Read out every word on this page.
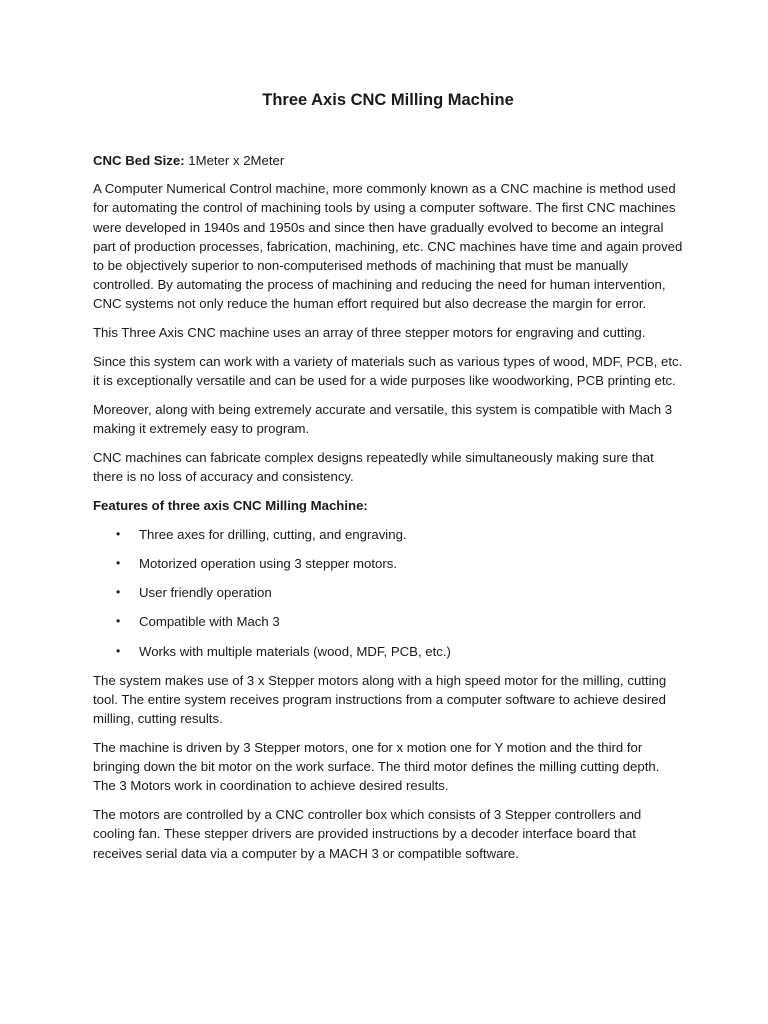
Three Axis CNC Milling Machine

CNC Bed Size: 1Meter x 2Meter

A Computer Numerical Control machine, more commonly known as a CNC machine is method used for automating the control of machining tools by using a computer software. The first CNC machines were developed in 1940s and 1950s and since then have gradually evolved to become an integral part of production processes, fabrication, machining, etc. CNC machines have time and again proved to be objectively superior to non-computerised methods of machining that must be manually controlled. By automating the process of machining and reducing the need for human intervention, CNC systems not only reduce the human effort required but also decrease the margin for error.

This Three Axis CNC machine uses an array of three stepper motors for engraving and cutting.

Since this system can work with a variety of materials such as various types of wood, MDF, PCB, etc. it is exceptionally versatile and can be used for a wide purposes like woodworking, PCB printing etc.

Moreover, along with being extremely accurate and versatile, this system is compatible with Mach 3 making it extremely easy to program.

CNC machines can fabricate complex designs repeatedly while simultaneously making sure that there is no loss of accuracy and consistency.

Features of three axis CNC Milling Machine:

• Three axes for drilling, cutting, and engraving.
• Motorized operation using 3 stepper motors.
• User friendly operation
• Compatible with Mach 3
• Works with multiple materials (wood, MDF, PCB, etc.)

The system makes use of 3 x Stepper motors along with a high speed motor for the milling, cutting tool. The entire system receives program instructions from a computer software to achieve desired milling, cutting results.

The machine is driven by 3 Stepper motors, one for x motion one for Y motion and the third for bringing down the bit motor on the work surface. The third motor defines the milling cutting depth. The 3 Motors work in coordination to achieve desired results.

The motors are controlled by a CNC controller box which consists of 3 Stepper controllers and cooling fan. These stepper drivers are provided instructions by a decoder interface board that receives serial data via a computer by a MACH 3 or compatible software.
